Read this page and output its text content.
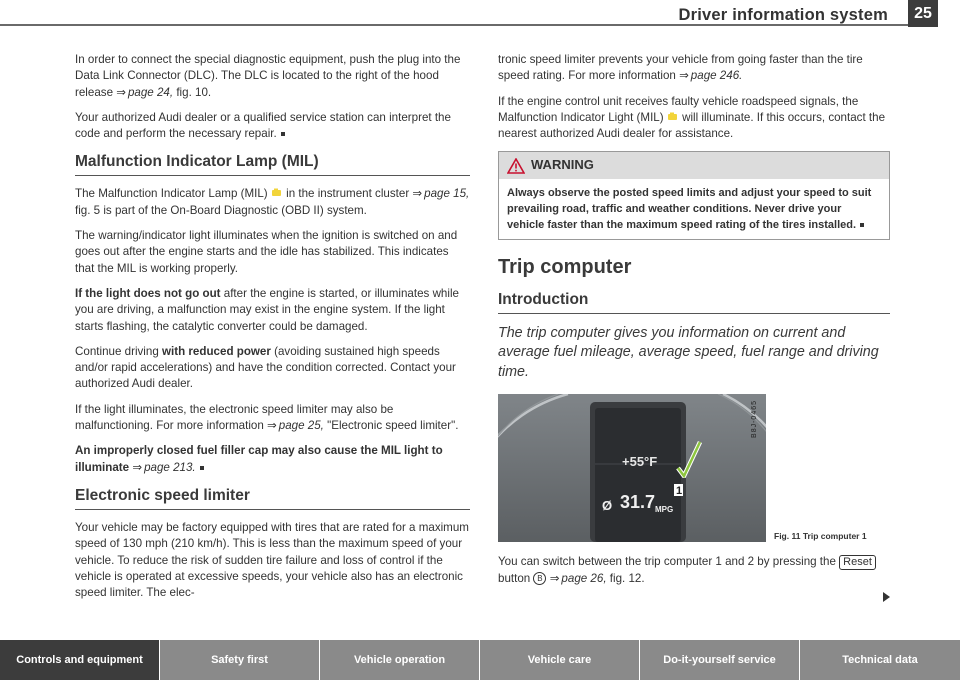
Driver information system	25

In order to connect the special diagnostic equipment, push the plug into the Data Link Connector (DLC). The DLC is located to the right of the hood release ⇒ page 24, fig. 10.

Your authorized Audi dealer or a qualified service station can interpret the code and perform the necessary repair.

Malfunction Indicator Lamp (MIL)

The Malfunction Indicator Lamp (MIL)  in the instrument cluster ⇒ page 15, fig. 5 is part of the On-Board Diagnostic (OBD II) system.

The warning/indicator light illuminates when the ignition is switched on and goes out after the engine starts and the idle has stabilized. This indicates that the MIL is working properly.

If the light does not go out after the engine is started, or illuminates while you are driving, a malfunction may exist in the engine system. If the light starts flashing, the catalytic converter could be damaged.

Continue driving with reduced power (avoiding sustained high speeds and/or rapid accelerations) and have the condition corrected. Contact your authorized Audi dealer.

If the light illuminates, the electronic speed limiter may also be malfunctioning. For more information ⇒ page 25, "Electronic speed limiter".

An improperly closed fuel filler cap may also cause the MIL light to illuminate ⇒ page 213.

Electronic speed limiter

Your vehicle may be factory equipped with tires that are rated for a maximum speed of 130 mph (210 km/h). This is less than the maximum speed of your vehicle. To reduce the risk of sudden tire failure and loss of control if the vehicle is operated at excessive speeds, your vehicle also has an electronic speed limiter. The elec-

tronic speed limiter prevents your vehicle from going faster than the tire speed rating. For more information ⇒ page 246.

If the engine control unit receives faulty vehicle roadspeed signals, the Malfunction Indicator Light (MIL)  will illuminate. If this occurs, contact the nearest authorized Audi dealer for assistance.

WARNING
Always observe the posted speed limits and adjust your speed to suit prevailing road, traffic and weather conditions. Never drive your vehicle faster than the maximum speed rating of the tires installed.
Trip computer
Introduction
The trip computer gives you information on current and average fuel mileage, average speed, fuel range and driving time.
+55°F
1
Ø 31.7 MPG
B8J-0465
Fig. 11 Trip computer 1

You can switch between the trip computer 1 and 2 by pressing the Reset button B ⇒ page 26, fig. 12.

Controls and equipment	Safety first	Vehicle operation	Vehicle care	Do-it-yourself service	Technical data
